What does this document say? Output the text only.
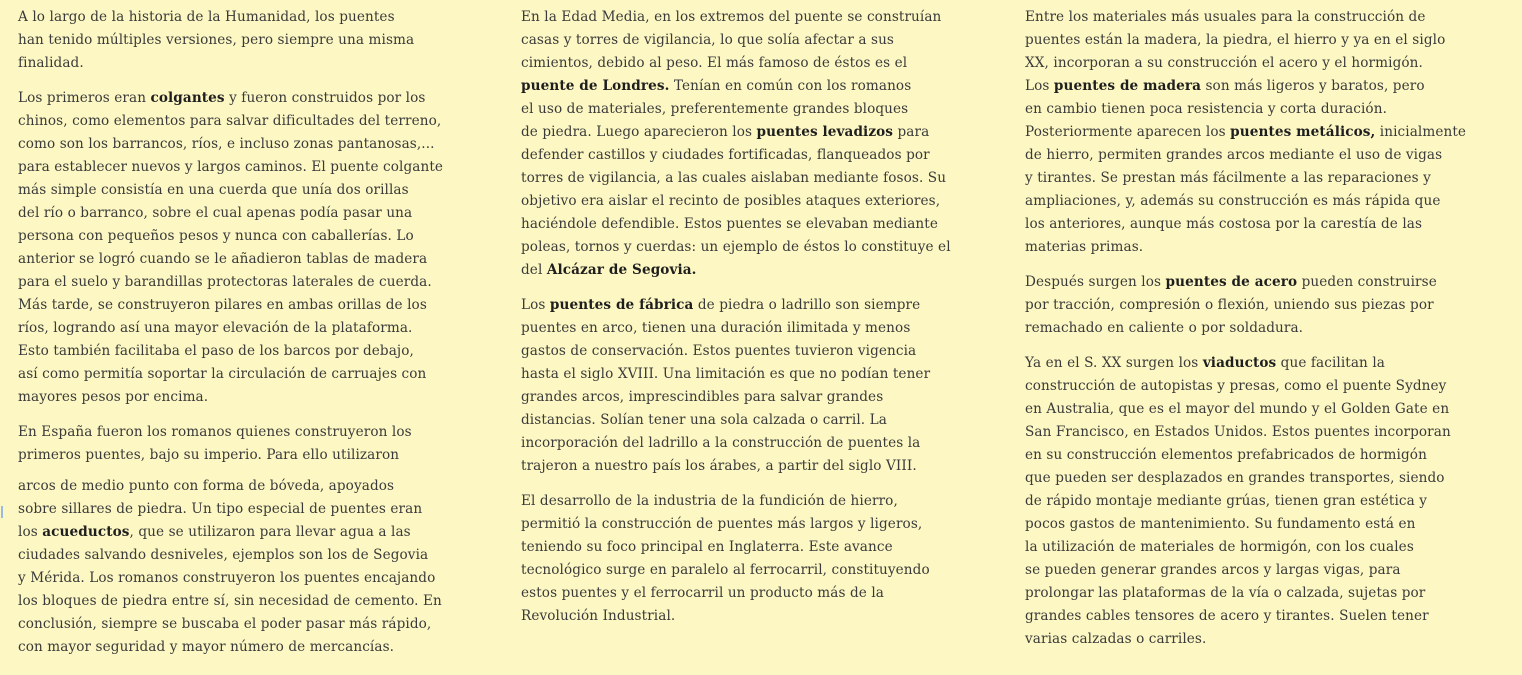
A lo largo de la historia de la Humanidad, los puentes
han tenido múltiples versiones, pero siempre una misma
finalidad.
Los primeros eran colgantes y fueron construidos por los
chinos, como elementos para salvar dificultades del terreno,
como son los barrancos, ríos, e incluso zonas pantanosas,...
para establecer nuevos y largos caminos. El puente colgante
más simple consistía en una cuerda que unía dos orillas
del río o barranco, sobre el cual apenas podía pasar una
persona con pequeños pesos y nunca con caballerías. Lo
anterior se logró cuando se le añadieron tablas de madera
para el suelo y barandillas protectoras laterales de cuerda.
Más tarde, se construyeron pilares en ambas orillas de los
ríos, logrando así una mayor elevación de la plataforma.
Esto también facilitaba el paso de los barcos por debajo,
así como permitía soportar la circulación de carruajes con
mayores pesos por encima.
En España fueron los romanos quienes construyeron los
primeros puentes, bajo su imperio. Para ello utilizaron
arcos de medio punto con forma de bóveda, apoyados
sobre sillares de piedra. Un tipo especial de puentes eran
los acueductos, que se utilizaron para llevar agua a las
ciudades salvando desniveles, ejemplos son los de Segovia
y Mérida. Los romanos construyeron los puentes encajando
los bloques de piedra entre sí, sin necesidad de cemento. En
conclusión, siempre se buscaba el poder pasar más rápido,
con mayor seguridad y mayor número de mercancías.
En la Edad Media, en los extremos del puente se construían
casas y torres de vigilancia, lo que solía afectar a sus
cimientos, debido al peso. El más famoso de éstos es el
puente de Londres. Tenían en común con los romanos
el uso de materiales, preferentemente grandes bloques
de piedra. Luego aparecieron los puentes levadizos para
defender castillos y ciudades fortificadas, flanqueados por
torres de vigilancia, a las cuales aislaban mediante fosos. Su
objetivo era aislar el recinto de posibles ataques exteriores,
haciéndole defendible. Estos puentes se elevaban mediante
poleas, tornos y cuerdas: un ejemplo de éstos lo constituye el
del Alcázar de Segovia.
Los puentes de fábrica de piedra o ladrillo son siempre
puentes en arco, tienen una duración ilimitada y menos
gastos de conservación. Estos puentes tuvieron vigencia
hasta el siglo XVIII. Una limitación es que no podían tener
grandes arcos, imprescindibles para salvar grandes
distancias. Solían tener una sola calzada o carril. La
incorporación del ladrillo a la construcción de puentes la
trajeron a nuestro país los árabes, a partir del siglo VIII.
El desarrollo de la industria de la fundición de hierro,
permitió la construcción de puentes más largos y ligeros,
teniendo su foco principal en Inglaterra. Este avance
tecnológico surge en paralelo al ferrocarril, constituyendo
estos puentes y el ferrocarril un producto más de la
Revolución Industrial.
Entre los materiales más usuales para la construcción de
puentes están la madera, la piedra, el hierro y ya en el siglo
XX, incorporan a su construcción el acero y el hormigón.
Los puentes de madera son más ligeros y baratos, pero
en cambio tienen poca resistencia y corta duración.
Posteriormente aparecen los puentes metálicos, inicialmente
de hierro, permiten grandes arcos mediante el uso de vigas
y tirantes. Se prestan más fácilmente a las reparaciones y
ampliaciones, y, además su construcción es más rápida que
los anteriores, aunque más costosa por la carestía de las
materias primas.
Después surgen los puentes de acero pueden construirse
por tracción, compresión o flexión, uniendo sus piezas por
remachado en caliente o por soldadura.
Ya en el S. XX surgen los viaductos que facilitan la
construcción de autopistas y presas, como el puente Sydney
en Australia, que es el mayor del mundo y el Golden Gate en
San Francisco, en Estados Unidos. Estos puentes incorporan
en su construcción elementos prefabricados de hormigón
que pueden ser desplazados en grandes transportes, siendo
de rápido montaje mediante grúas, tienen gran estética y
pocos gastos de mantenimiento. Su fundamento está en
la utilización de materiales de hormigón, con los cuales
se pueden generar grandes arcos y largas vigas, para
prolongar las plataformas de la vía o calzada, sujetas por
grandes cables tensores de acero y tirantes. Suelen tener
varias calzadas o carriles.
